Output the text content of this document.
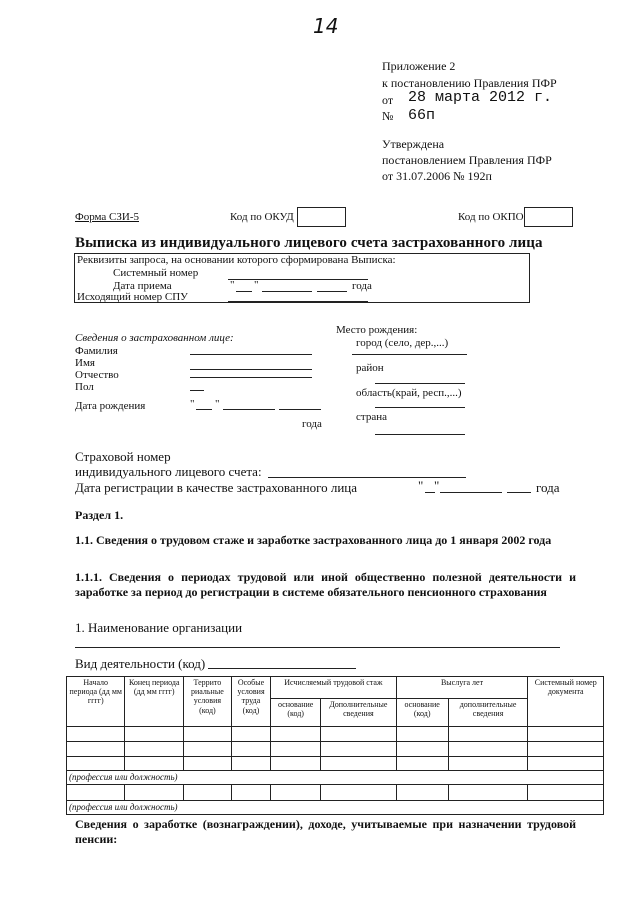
14
Приложение 2
к постановлению Правления ПФР
от 28 марта 2012 г.
№ 66п
Утверждена
постановлением Правления ПФР
от 31.07.2006 № 192п
Форма СЗИ-5	Код по ОКУД	Код по ОКПО
Выписка из индивидуального лицевого счета застрахованного лица
Реквизиты запроса, на основании которого сформирована Выписка:
Системный номер
Дата приема	" "	года
Исходящий номер СПУ
Сведения о застрахованном лице:
Фамилия
Имя
Отчество
Пол
Дата рождения	" "
года
Место рождения:
город (село, дер.,...)
район
область(край, респ.,...)
страна
Страховой номер
индивидуального лицевого счета:
Дата регистрации в качестве застрахованного лица	" "	года
Раздел 1.
1.1. Сведения о трудовом стаже и заработке застрахованного лица до 1 января 2002 года
1.1.1. Сведения о периодах трудовой или иной общественно полезной деятельности и заработке за период до регистрации в системе обязательного пенсионного страхования
1. Наименование организации
Вид деятельности (код)
Начало периода (дд мм гггг)	Конец периода (дд мм гггг)	Террито риальные условия (код)	Особые условия труда (код)	Исчисляемый трудовой стаж		Выслуга лет		Системный номер документа
				основание (код)	Дополнительные сведения	основание (код)	дополнительные сведения	

(профессия или должность)								

(профессия или должность)								
Сведения о заработке (вознаграждении), доходе, учитываемые при назначении трудовой пенсии:
